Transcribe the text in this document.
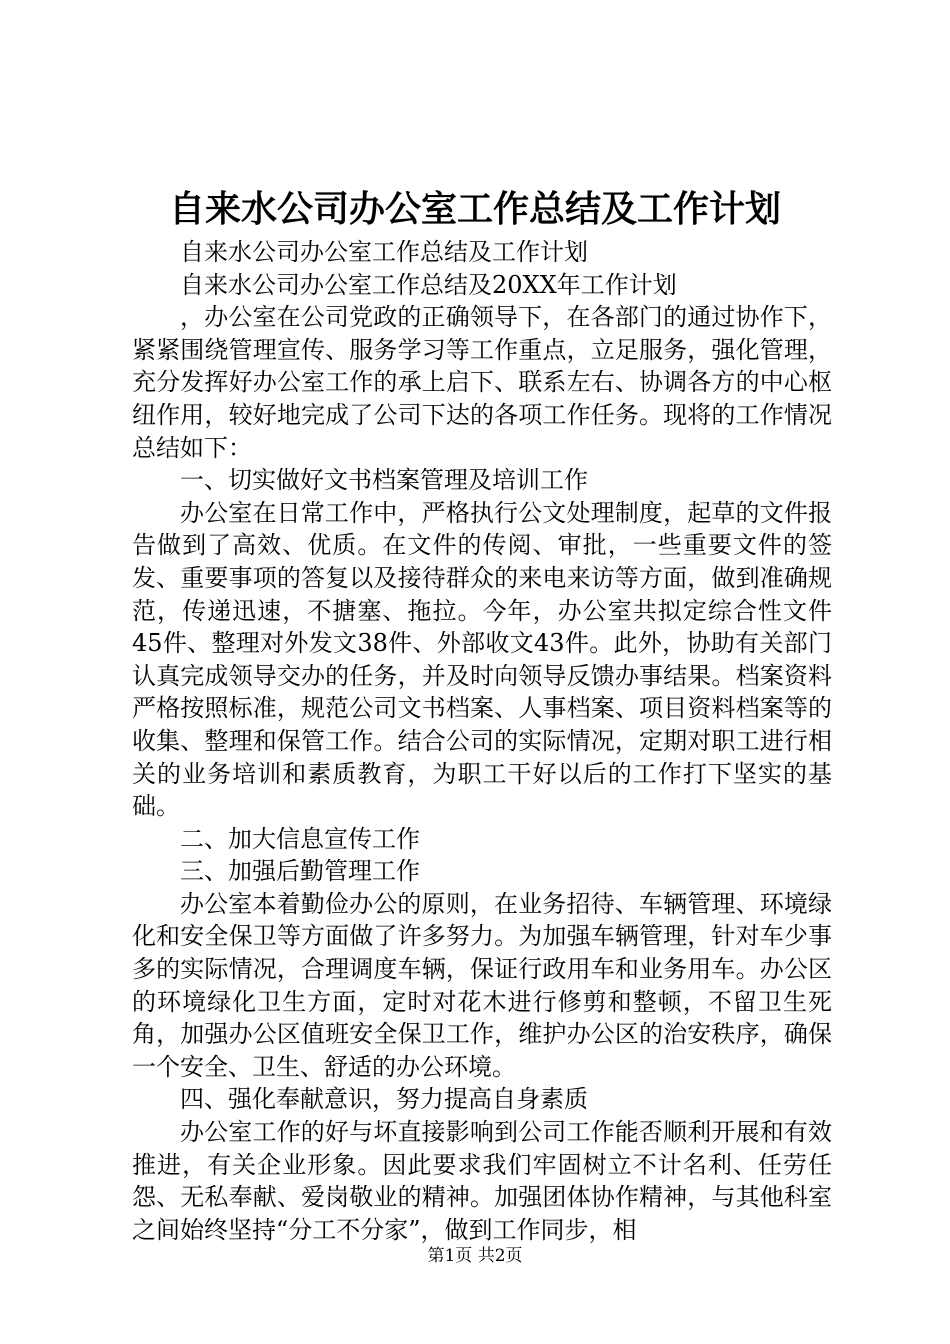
自来水公司办公室工作总结及工作计划

自来水公司办公室工作总结及工作计划

自来水公司办公室工作总结及20XX年工作计划

，办公室在公司党政的正确领导下，在各部门的通过协作下，紧紧围绕管理宣传、服务学习等工作重点，立足服务，强化管理，充分发挥好办公室工作的承上启下、联系左右、协调各方的中心枢纽作用，较好地完成了公司下达的各项工作任务。现将的工作情况总结如下：

一、切实做好文书档案管理及培训工作

办公室在日常工作中，严格执行公文处理制度，起草的文件报告做到了高效、优质。在文件的传阅、审批，一些重要文件的签发、重要事项的答复以及接待群众的来电来访等方面，做到准确规范，传递迅速，不搪塞、拖拉。今年，办公室共拟定综合性文件45件、整理对外发文38件、外部收文43件。此外，协助有关部门认真完成领导交办的任务，并及时向领导反馈办事结果。档案资料严格按照标准，规范公司文书档案、人事档案、项目资料档案等的收集、整理和保管工作。结合公司的实际情况，定期对职工进行相关的业务培训和素质教育，为职工干好以后的工作打下坚实的基础。

二、加大信息宣传工作

三、加强后勤管理工作

办公室本着勤俭办公的原则，在业务招待、车辆管理、环境绿化和安全保卫等方面做了许多努力。为加强车辆管理，针对车少事多的实际情况，合理调度车辆，保证行政用车和业务用车。办公区的环境绿化卫生方面，定时对花木进行修剪和整顿，不留卫生死角，加强办公区值班安全保卫工作，维护办公区的治安秩序，确保一个安全、卫生、舒适的办公环境。

四、强化奉献意识，努力提高自身素质

办公室工作的好与坏直接影响到公司工作能否顺利开展和有效推进，有关企业形象。因此要求我们牢固树立不计名利、任劳任怨、无私奉献、爱岗敬业的精神。加强团体协作精神，与其他科室之间始终坚持“分工不分家”，做到工作同步，相

第1页 共2页
